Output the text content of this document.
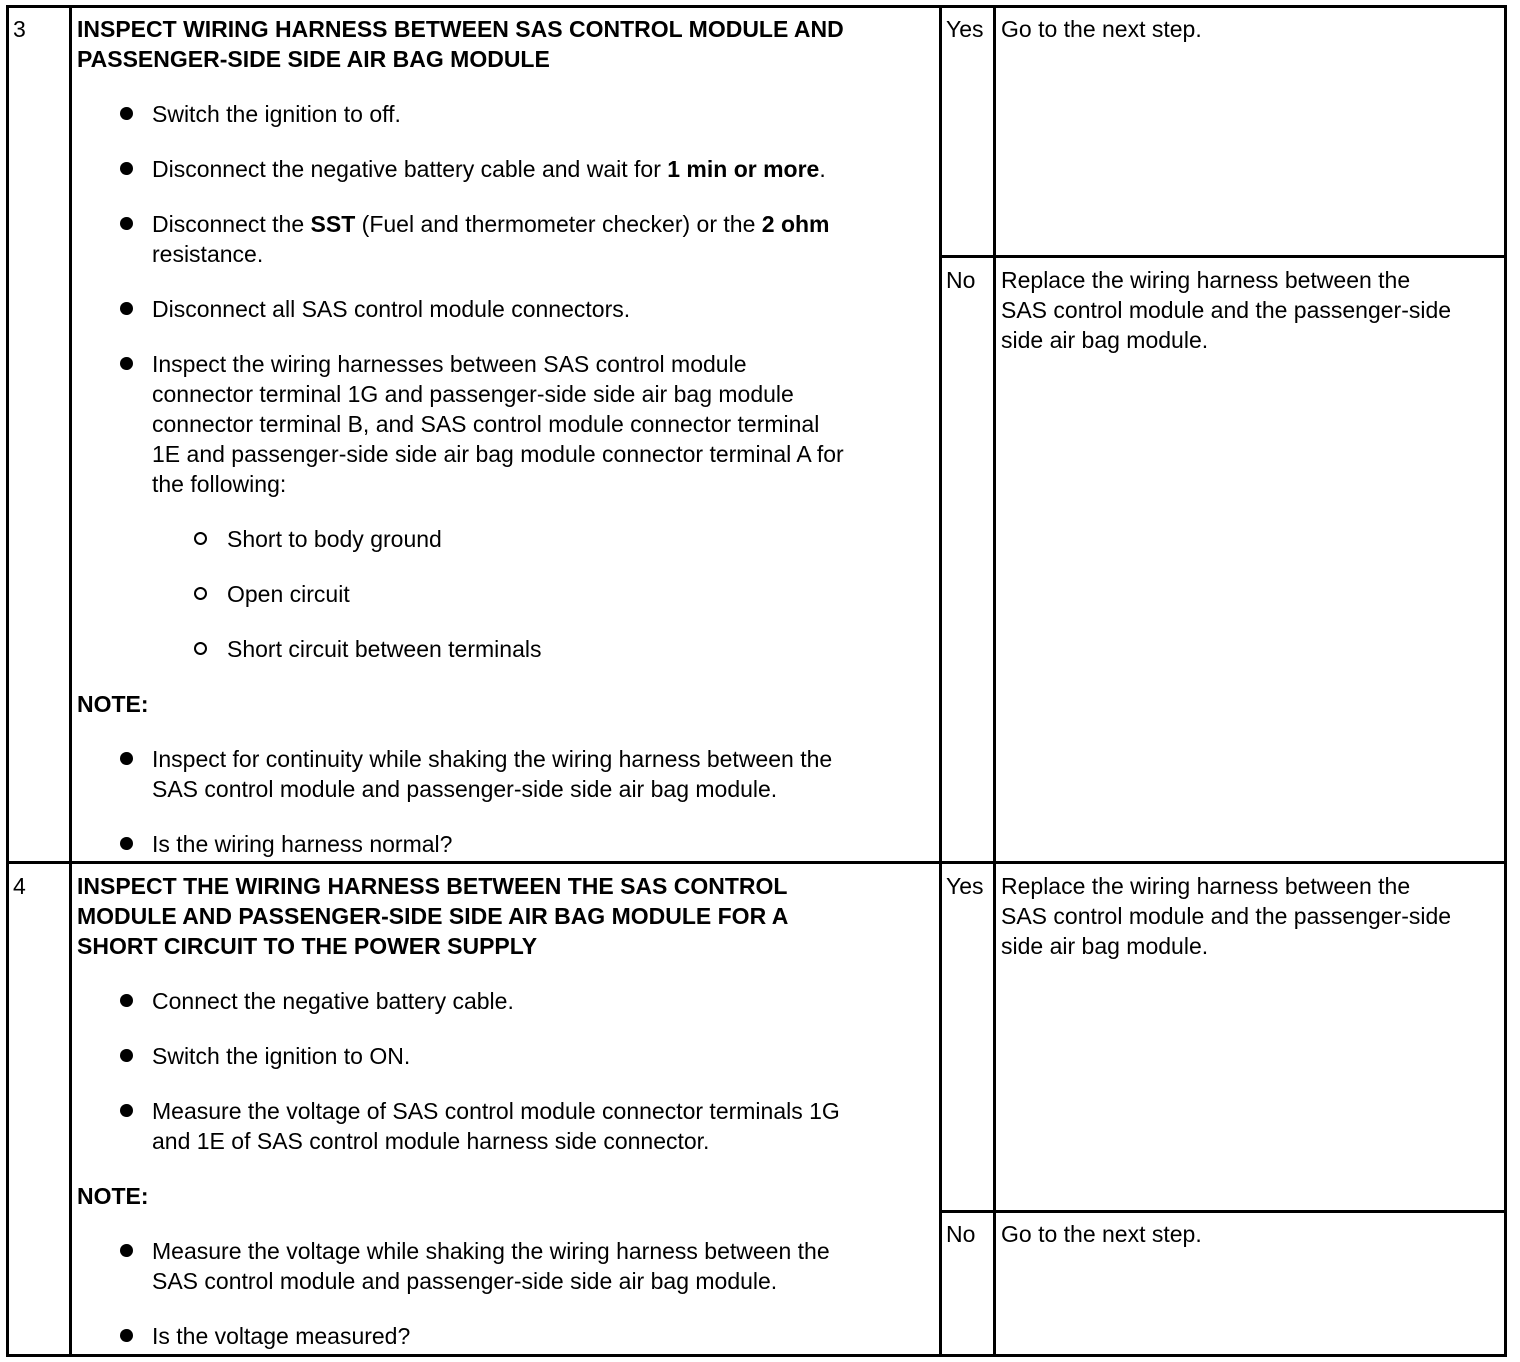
3 INSPECT WIRING HARNESS BETWEEN SAS CONTROL MODULE AND
PASSENGER-SIDE SIDE AIR BAG MODULE
Switch the ignition to off.
Disconnect the negative battery cable and wait for 1 min or more.
Disconnect the SST (Fuel and thermometer checker) or the 2 ohm
resistance.
Disconnect all SAS control module connectors.
Inspect the wiring harnesses between SAS control module
connector terminal 1G and passenger-side side air bag module
connector terminal B, and SAS control module connector terminal
1E and passenger-side side air bag module connector terminal A for
the following:
Short to body ground
Open circuit
Short circuit between terminals
NOTE:
Inspect for continuity while shaking the wiring harness between the
SAS control module and passenger-side side air bag module.
Is the wiring harness normal?
Yes Go to the next step.
No Replace the wiring harness between the
SAS control module and the passenger-side
side air bag module.
4 INSPECT THE WIRING HARNESS BETWEEN THE SAS CONTROL
MODULE AND PASSENGER-SIDE SIDE AIR BAG MODULE FOR A
SHORT CIRCUIT TO THE POWER SUPPLY
Connect the negative battery cable.
Switch the ignition to ON.
Measure the voltage of SAS control module connector terminals 1G
and 1E of SAS control module harness side connector.
NOTE:
Measure the voltage while shaking the wiring harness between the
SAS control module and passenger-side side air bag module.
Is the voltage measured?
Yes Replace the wiring harness between the
SAS control module and the passenger-side
side air bag module.
No Go to the next step.
